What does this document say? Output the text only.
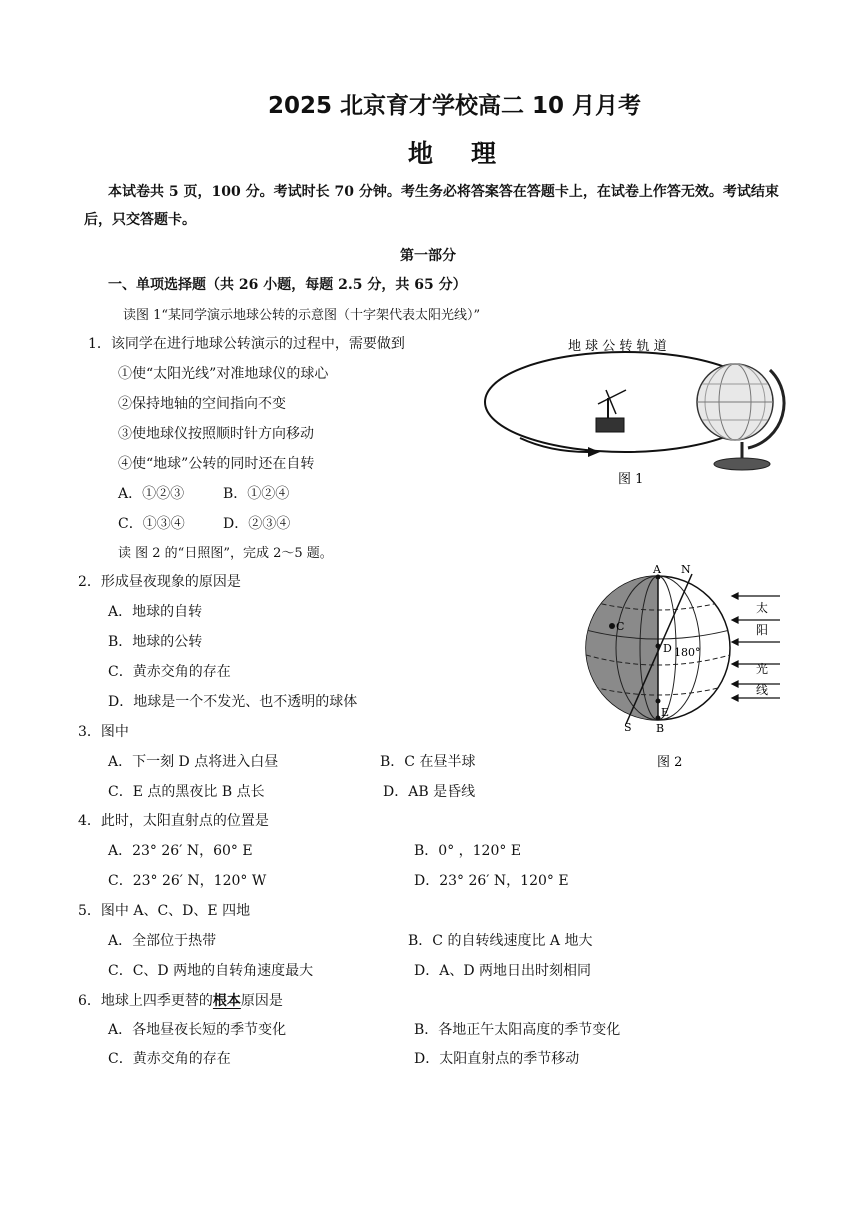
2025 北京育才学校高二 10 月月考
地理
本试卷共 5 页，100 分。考试时长 70 分钟。考生务必将答案答在答题卡上，在试卷上作答无效。考试结束后，只交答题卡。
第一部分
一、单项选择题（共 26 小题，每题 2.5 分，共 65 分）
读图 1“某同学演示地球公转的示意图（十字架代表太阳光线）”
1．该同学在进行地球公转演示的过程中，需要做到
①使“太阳光线”对准地球仪的球心
②保持地轴的空间指向不变
③使地球仪按照顺时针方向移动
④使“地球”公转的同时还在自转
A．①②③	B．①②④
C．①③④	D．②③④
地 球 公 转 轨 道
图 1
读 图 2 的“日照图”，完成 2～5 题。
2．形成昼夜现象的原因是
A．地球的自转
B．地球的公转
C．黄赤交角的存在
D．地球是一个不发光、也不透明的球体
A N
C
D
E
B
S
180°
太
阳
光
线
图 2
3．图中
A．下一刻 D 点将进入白昼	B．C 在昼半球
C．E 点的黑夜比 B 点长	D．AB 是昏线
4．此时，太阳直射点的位置是
A．23° 26′ N，60° E	B．0° ，120° E
C．23° 26′ N，120° W	D．23° 26′ N，120° E
5．图中 A、C、D、E 四地
A．全部位于热带	B．C 的自转线速度比 A 地大
C．C、D 两地的自转角速度最大	D．A、D 两地日出时刻相同
6．地球上四季更替的根本原因是
A．各地昼夜长短的季节变化	B．各地正午太阳高度的季节变化
C．黄赤交角的存在	D．太阳直射点的季节移动
